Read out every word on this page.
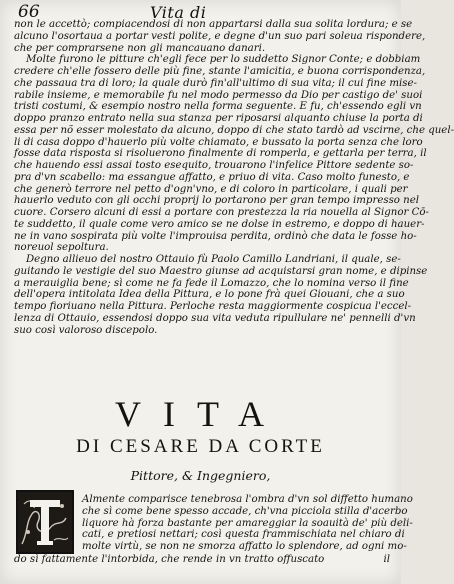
66	Vita di
non le accettò; compiacendosi di non appartarsi dalla sua solita lordura; e se
alcuno l'osortaua a portar vesti polite, e degne d'un suo pari soleua rispondere,
che per comprarsene non gli mancauano danari.
Molte furono le pitture ch'egli fece per lo suddetto Signor Conte; e dobbiam
credere ch'elle fossero delle più fine, stante l'amicitia, e buona corrispondenza,
che passaua tra di loro; la quale durò fin'all'ultimo di sua vita; il cui fine mise-
rabile insieme, e memorabile fu nel modo permesso da Dio per castigo de' suoi
tristi costumi, & esempio nostro nella forma seguente. E fu, ch'essendo egli vn
doppo pranzo entrato nella sua stanza per riposarsi alquanto chiuse la porta di
essa per nõ esser molestato da alcuno, doppo di che stato tardò ad vscirne, che quel-
li di casa doppo d'hauerlo più volte chiamato, e bussato la porta senza che loro
fosse data risposta si risoluerono finalmente di romperla, e gettarla per terra, il
che hauendo essi assai tosto esequito, trouarono l'infelice Pittore sedente so-
pra d'vn scabello: ma essangue affatto, e priuo di vita. Caso molto funesto, e
che generò terrore nel petto d'ogn'vno, e di coloro in particolare, i quali per
hauerlo veduto con gli occhi proprij lo portarono per gran tempo impresso nel
cuore. Corsero alcuni di essi a portare con prestezza la ria nouella al Signor Cō-
te suddetto, il quale come vero amico se ne dolse in estremo, e doppo di hauer-
ne in vano sospirata più volte l'improuisa perdita, ordinò che data le fosse ho-
noreuol sepoltura.
Degno allieuo del nostro Ottauio fù Paolo Camillo Landriani, il quale, se-
guitando le vestigie del suo Maestro giunse ad acquistarsi gran nome, e dipinse
a merauiglia bene; sì come ne fa fede il Lomazzo, che lo nomina verso il fine
dell'opera intitolata Idea della Pittura, e lo pone frà quei Giouani, che a suo
tempo fioriuano nella Pittura. Perloche resta maggiormente cospicua l'eccel-
lenza di Ottauio, essendosi doppo sua vita veduta ripullulare ne' pennelli d'vn
suo così valoroso discepolo.
VITA
DI CESARE DA CORTE
Pittore, & Ingegniero,
T
Almente comparisce tenebrosa l'ombra d'vn sol diffetto humano
che sì come bene spesso accade, ch'vna picciola stilla d'acerbo
liquore hà forza bastante per amareggiar la soauità de' più deli-
cati, e pretiosi nettari; così questa frammischiata nel chiaro di
molte virtù, se non ne smorza affatto lo splendore, ad ogni mo-
do sì fattamente l'intorbida, che rende in vn tratto offuscato	il
